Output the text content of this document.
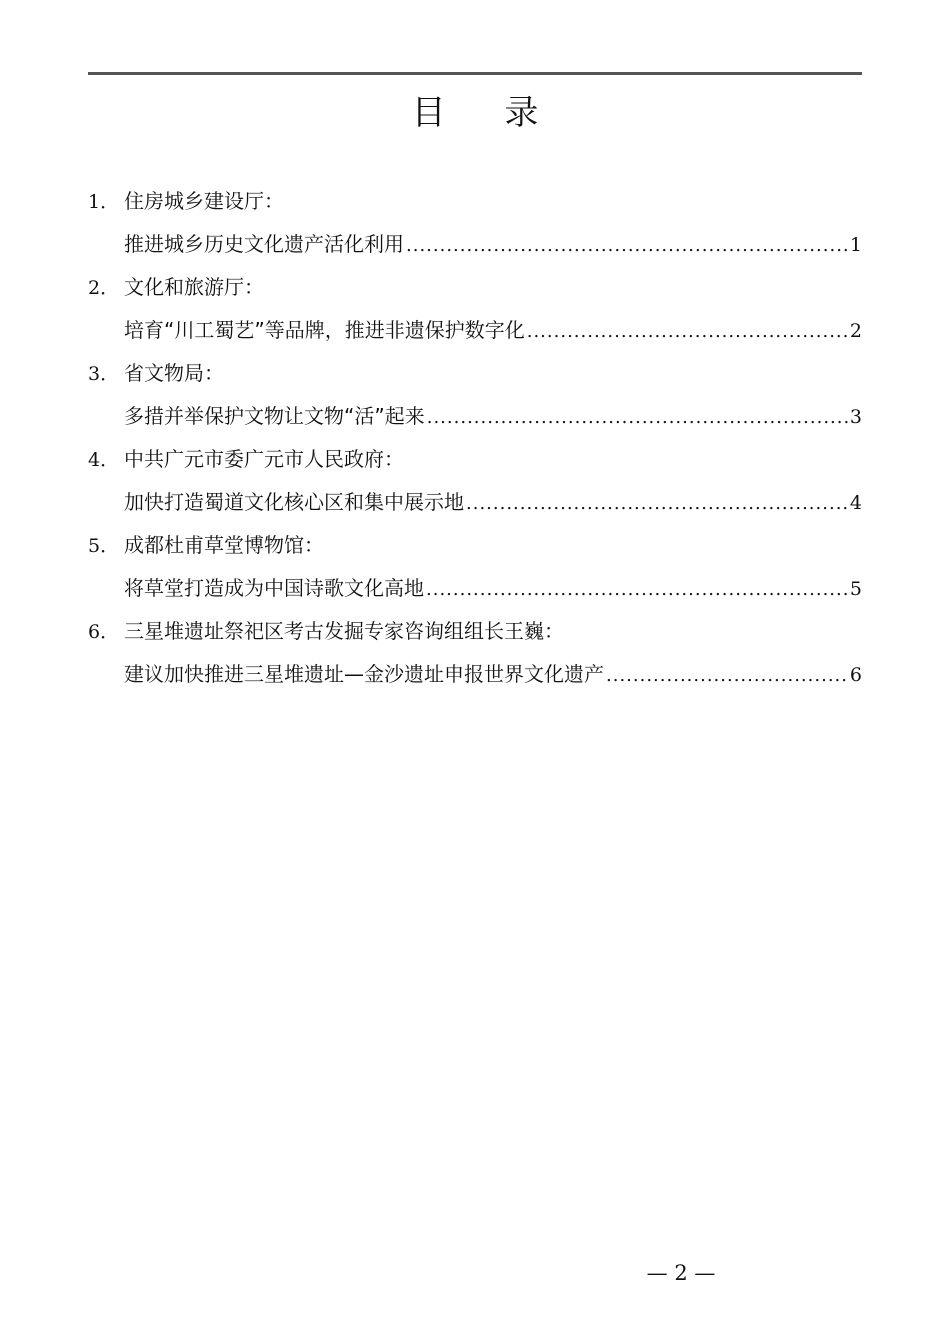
目 录
1． 住房城乡建设厅：
推进城乡历史文化遗产活化利用 .....	1
2． 文化和旅游厅：
培育“川工蜀艺”等品牌，推进非遗保护数字化 .....	2
3． 省文物局：
多措并举保护文物让文物“活”起来 .....	3
4． 中共广元市委广元市人民政府：
加快打造蜀道文化核心区和集中展示地 .....	4
5． 成都杜甫草堂博物馆：
将草堂打造成为中国诗歌文化高地 .....	5
6． 三星堆遗址祭祀区考古发掘专家咨询组组长王巍：
建议加快推进三星堆遗址—金沙遗址申报世界文化遗产 .....	6
— 2 —
